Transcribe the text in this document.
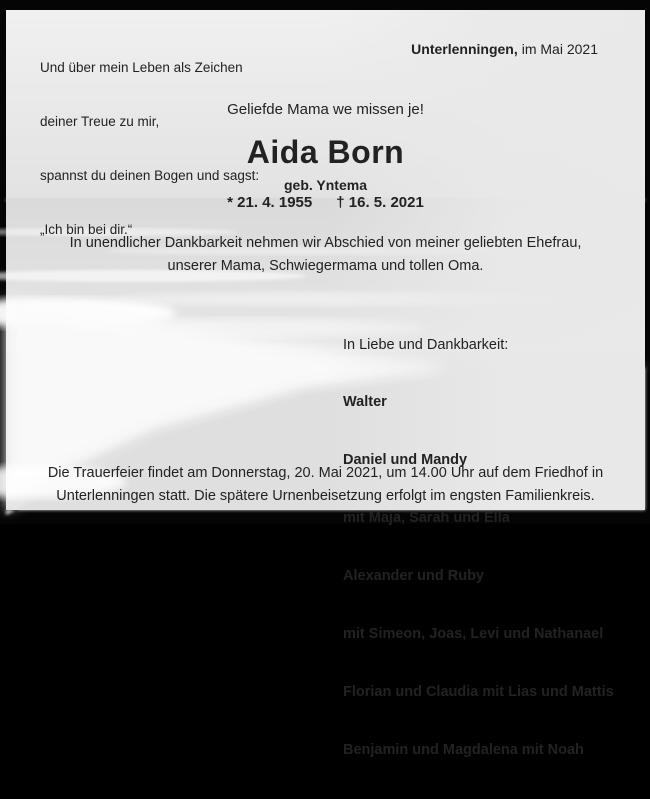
Und über mein Leben als Zeichen

deiner Treue zu mir,

spannst du deinen Bogen und sagst:

„Ich bin bei dir.“

Unterlenningen, im Mai 2021

Geliefde Mama we missen je!
Aida Born
geb. Yntema
* 21. 4. 1955 † 16. 5. 2021
In unendlicher Dankbarkeit nehmen wir Abschied von meiner geliebten Ehefrau,
unserer Mama, Schwiegermama und tollen Oma.

In Liebe und Dankbarkeit:

Walter

Daniel und Mandy

mit Maja, Sarah und Ella

Alexander und Ruby

mit Simeon, Joas, Levi und Nathanael

Florian und Claudia mit Lias und Mattis

Benjamin und Magdalena mit Noah

Die Trauerfeier findet am Donnerstag, 20. Mai 2021, um 14.00 Uhr auf dem Friedhof in
Unterlenningen statt. Die spätere Urnenbeisetzung erfolgt im engsten Familienkreis.
